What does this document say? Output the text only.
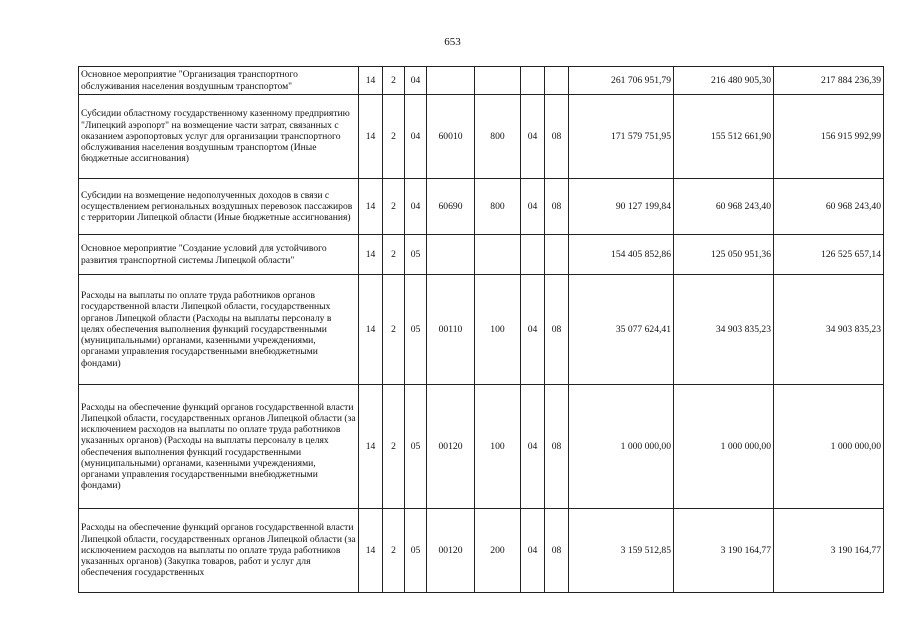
653
Основное мероприятие "Организация транспортного обслуживания населения воздушным транспортом"	14	2	04					261 706 951,79	216 480 905,30	217 884 236,39
Субсидии областному государственному казенному предприятию "Липецкий аэропорт" на возмещение части затрат, связанных с оказанием аэропортовых услуг для организации транспортного обслуживания населения воздушным транспортом (Иные бюджетные ассигнования)	14	2	04	60010	800	04	08	171 579 751,95	155 512 661,90	156 915 992,99
Субсидии на возмещение недополученных доходов в связи с осуществлением региональных воздушных перевозок пассажиров с территории Липецкой области (Иные бюджетные ассигнования)	14	2	04	60690	800	04	08	90 127 199,84	60 968 243,40	60 968 243,40
Основное мероприятие "Создание условий для устойчивого развития транспортной системы Липецкой области"	14	2	05					154 405 852,86	125 050 951,36	126 525 657,14
Расходы на выплаты по оплате труда работников органов государственной власти Липецкой области, государственных органов Липецкой области (Расходы на выплаты персоналу в целях обеспечения выполнения функций государственными (муниципальными) органами, казенными учреждениями, органами управления государственными внебюджетными фондами)	14	2	05	00110	100	04	08	35 077 624,41	34 903 835,23	34 903 835,23
Расходы на обеспечение функций органов государственной власти Липецкой области, государственных органов Липецкой области (за исключением расходов на выплаты по оплате труда работников указанных органов) (Расходы на выплаты персоналу в целях обеспечения выполнения функций государственными (муниципальными) органами, казенными учреждениями, органами управления государственными внебюджетными фондами)	14	2	05	00120	100	04	08	1 000 000,00	1 000 000,00	1 000 000,00
Расходы на обеспечение функций органов государственной власти Липецкой области, государственных органов Липецкой области (за исключением расходов на выплаты по оплате труда работников указанных органов) (Закупка товаров, работ и услуг для обеспечения государственных	14	2	05	00120	200	04	08	3 159 512,85	3 190 164,77	3 190 164,77
